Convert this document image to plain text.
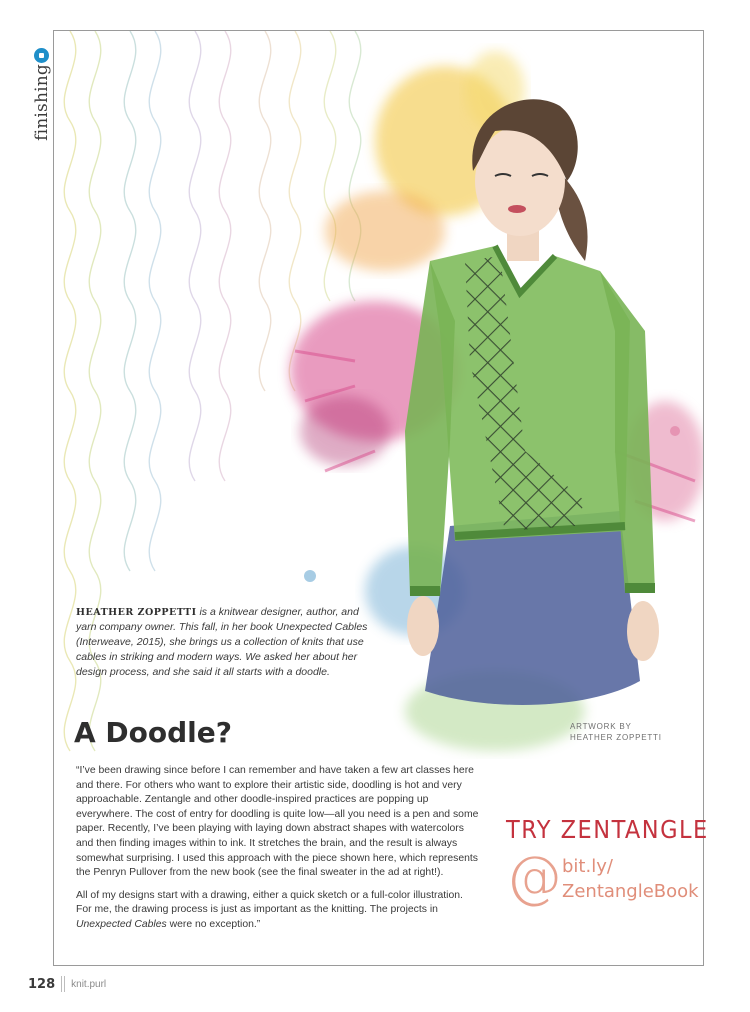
finishing
HEATHER ZOPPETTI is a knitwear designer, author, and yarn company owner. This fall, in her book Unexpected Cables (Interweave, 2015), she brings us a collection of knits that use cables in striking and modern ways. We asked her about her design process, and she said it all starts with a doodle.
A Doodle?	ARTWORK BY
HEATHER ZOPPETTI

“I’ve been drawing since before I can remember and have taken a few art classes here and there. For others who want to explore their artistic side, doodling is hot and very approachable. Zentangle and other doodle-inspired practices are popping up everywhere. The cost of entry for doodling is quite low—all you need is a pen and some paper. Recently, I’ve been playing with laying down abstract shapes with watercolors and then finding images within to ink. It stretches the brain, and the result is always somewhat surprising. I used this approach with the piece shown here, which represents the Penryn Pullover from the new book (see the final sweater in the ad at right!).

All of my designs start with a drawing, either a quick sketch or a full-color illustration. For me, the drawing process is just as important as the knitting. The projects in Unexpected Cables were no exception.”

TRY ZENTANGLE
@ bit.ly/
ZentangleBook
128 knit.purl
